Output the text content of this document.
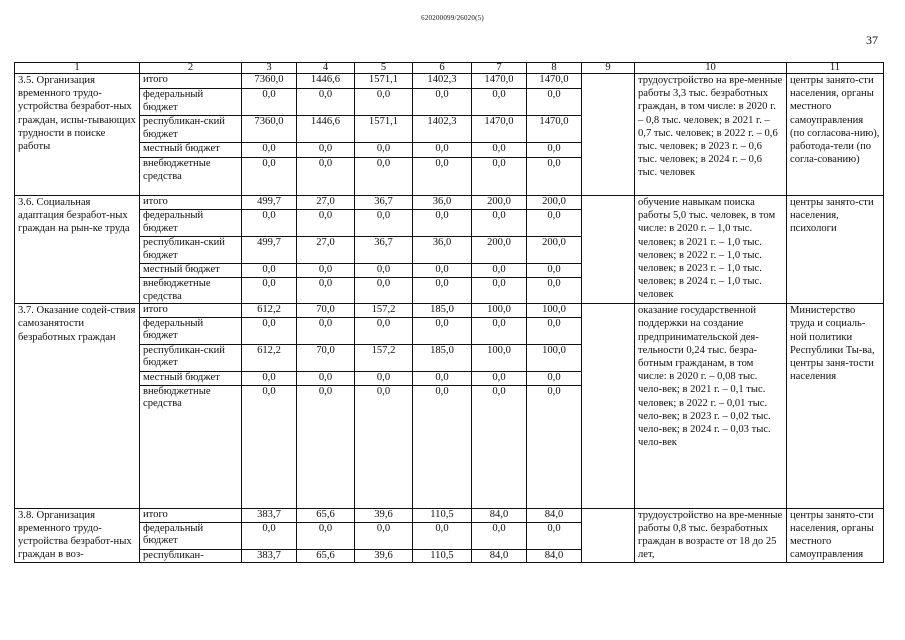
620200099/26020(5)
37
1	2	3	4	5	6	7	8	9	10	11
3.5. Организация временного трудо-устройства безработ-ных граждан, испы-тывающих трудности в поиске работы	итого	7360,0	1446,6	1571,1	1402,3	1470,0	1470,0		трудоустройство на вре-менные работы 3,3 тыс. безработных граждан, в том числе: в 2020 г. – 0,8 тыс. человек; в 2021 г. – 0,7 тыс. человек; в 2022 г. – 0,6 тыс. человек; в 2023 г. – 0,6 тыс. человек; в 2024 г. – 0,6 тыс. человек	центры занято-сти населения, органы местного самоуправления (по согласова-нию), работода-тели (по согла-сованию)
	федеральный бюджет	0,0	0,0	0,0	0,0	0,0	0,0			
	республикан-ский бюджет	7360,0	1446,6	1571,1	1402,3	1470,0	1470,0			
	местный бюджет	0,0	0,0	0,0	0,0	0,0	0,0			
	внебюджетные средства	0,0	0,0	0,0	0,0	0,0	0,0			
3.6. Социальная адаптация безработ-ных граждан на рын-ке труда	итого	499,7	27,0	36,7	36,0	200,0	200,0		обучение навыкам поиска работы 5,0 тыс. человек, в том числе: в 2020 г. – 1,0 тыс. человек; в 2021 г. – 1,0 тыс. человек; в 2022 г. – 1,0 тыс. человек; в 2023 г. – 1,0 тыс. человек; в 2024 г. – 1,0 тыс. человек	центры занято-сти населения, психологи
	федеральный бюджет	0,0	0,0	0,0	0,0	0,0	0,0			
	республикан-ский бюджет	499,7	27,0	36,7	36,0	200,0	200,0			
	местный бюджет	0,0	0,0	0,0	0,0	0,0	0,0			
	внебюджетные средства	0,0	0,0	0,0	0,0	0,0	0,0			
3.7. Оказание содей-ствия самозанятости безработных граждан	итого	612,2	70,0	157,2	185,0	100,0	100,0		оказание государственной поддержки на создание предпринимательской дея-тельности 0,24 тыс. безра-ботным гражданам, в том числе: в 2020 г. – 0,08 тыс. чело-век; в 2021 г. – 0,1 тыс. человек; в 2022 г. – 0,01 тыс. чело-век; в 2023 г. – 0,02 тыс. чело-век; в 2024 г. – 0,03 тыс. чело-век	Министерство труда и социаль-ной политики Республики Ты-ва, центры заня-тости населения
	федеральный бюджет	0,0	0,0	0,0	0,0	0,0	0,0			
	республикан-ский бюджет	612,2	70,0	157,2	185,0	100,0	100,0			
	местный бюджет	0,0	0,0	0,0	0,0	0,0	0,0			
	внебюджетные средства	0,0	0,0	0,0	0,0	0,0	0,0			
3.8. Организация временного трудо-устройства безработ-ных граждан в воз-	итого	383,7	65,6	39,6	110,5	84,0	84,0		трудоустройство на вре-менные работы 0,8 тыс. безработных граждан в возрасте от 18 до 25 лет,	центры занято-сти населения, органы местного самоуправления
	федеральный бюджет	0,0	0,0	0,0	0,0	0,0	0,0			
	республикан-	383,7	65,6	39,6	110,5	84,0	84,0			
